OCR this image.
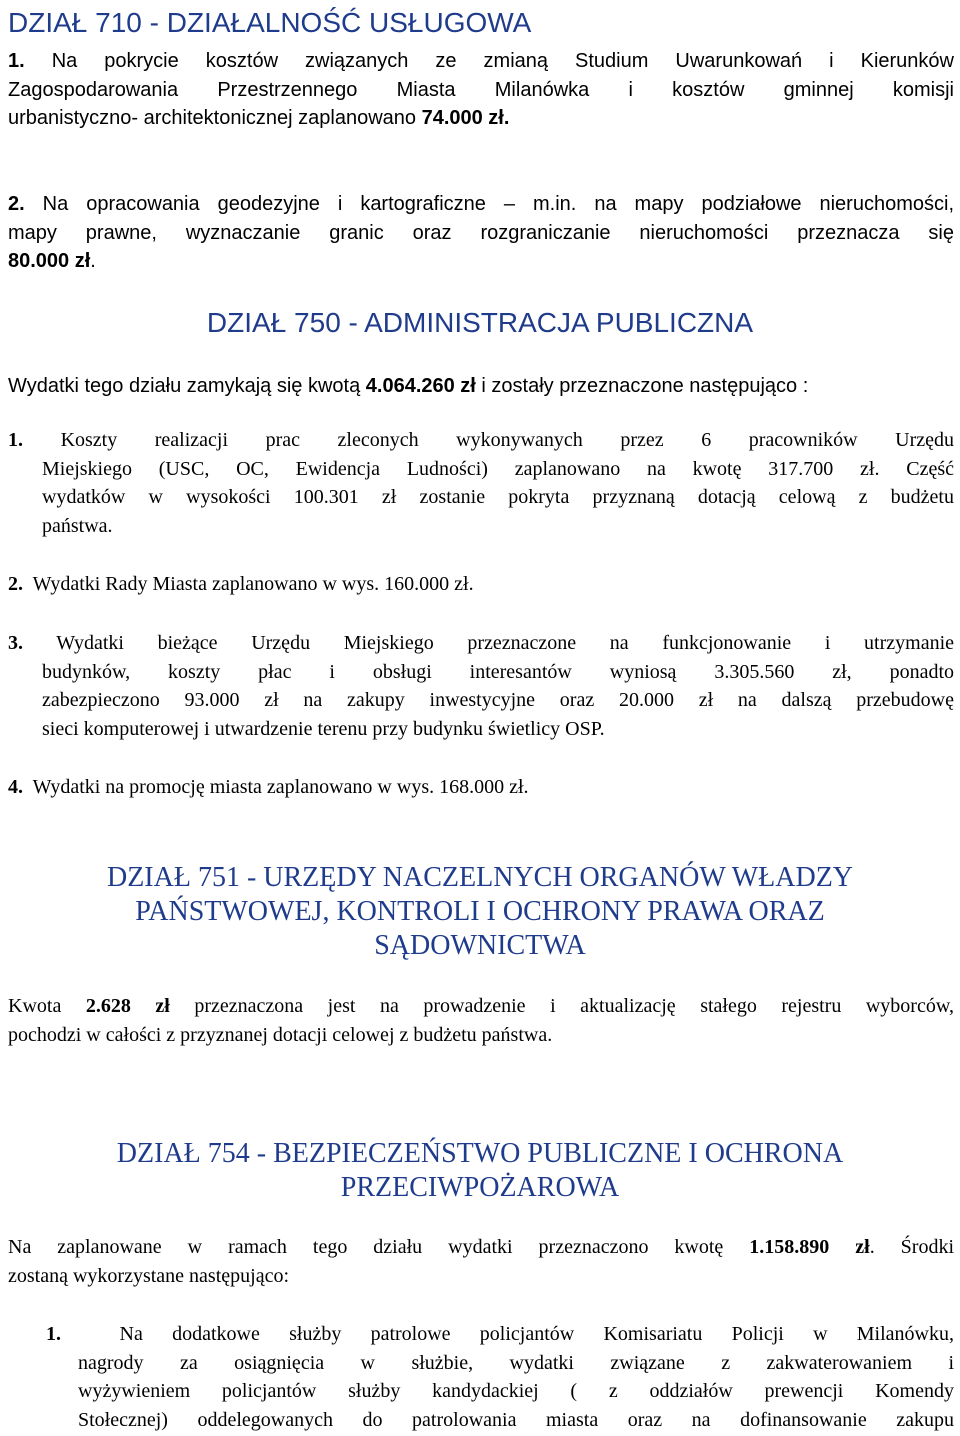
DZIAŁ 710 - DZIAŁALNOŚĆ USŁUGOWA
1. Na pokrycie kosztów związanych ze zmianą Studium Uwarunkowań i Kierunków
Zagospodarowania Przestrzennego Miasta Milanówka i kosztów gminnej komisji
urbanistyczno- architektonicznej zaplanowano 74.000 zł.
2. Na opracowania geodezyjne i kartograficzne – m.in. na mapy podziałowe nieruchomości,
mapy prawne, wyznaczanie granic oraz rozgraniczanie nieruchomości przeznacza się
80.000 zł.
DZIAŁ 750 - ADMINISTRACJA PUBLICZNA
Wydatki tego działu zamykają się kwotą 4.064.260 zł i zostały przeznaczone następująco :
1. Koszty realizacji prac zleconych wykonywanych przez 6 pracowników Urzędu
Miejskiego (USC, OC, Ewidencja Ludności) zaplanowano na kwotę 317.700 zł. Część
wydatków w wysokości 100.301 zł zostanie pokryta przyznaną dotacją celową z budżetu
państwa.
2. Wydatki Rady Miasta zaplanowano w wys. 160.000 zł.
3. Wydatki bieżące Urzędu Miejskiego przeznaczone na funkcjonowanie i utrzymanie
budynków, koszty płac i obsługi interesantów wyniosą 3.305.560 zł, ponadto
zabezpieczono 93.000 zł na zakupy inwestycyjne oraz 20.000 zł na dalszą przebudowę
sieci komputerowej i utwardzenie terenu przy budynku świetlicy OSP.
4. Wydatki na promocję miasta zaplanowano w wys. 168.000 zł.
DZIAŁ 751 - URZĘDY NACZELNYCH ORGANÓW WŁADZY
PAŃSTWOWEJ, KONTROLI I OCHRONY PRAWA ORAZ
SĄDOWNICTWA
Kwota 2.628 zł przeznaczona jest na prowadzenie i aktualizację stałego rejestru wyborców,
pochodzi w całości z przyznanej dotacji celowej z budżetu państwa.
DZIAŁ 754 - BEZPIECZEŃSTWO PUBLICZNE I OCHRONA
PRZECIWPOŻAROWA
Na zaplanowane w ramach tego działu wydatki przeznaczono kwotę 1.158.890 zł. Środki
zostaną wykorzystane następująco:
1.	Na dodatkowe służby patrolowe policjantów Komisariatu Policji w Milanówku,
nagrody za osiągnięcia w służbie, wydatki związane z zakwaterowaniem i
wyżywieniem policjantów służby kandydackiej ( z oddziałów prewencji Komendy
Stołecznej) oddelegowanych do patrolowania miasta oraz na dofinansowanie zakupu
